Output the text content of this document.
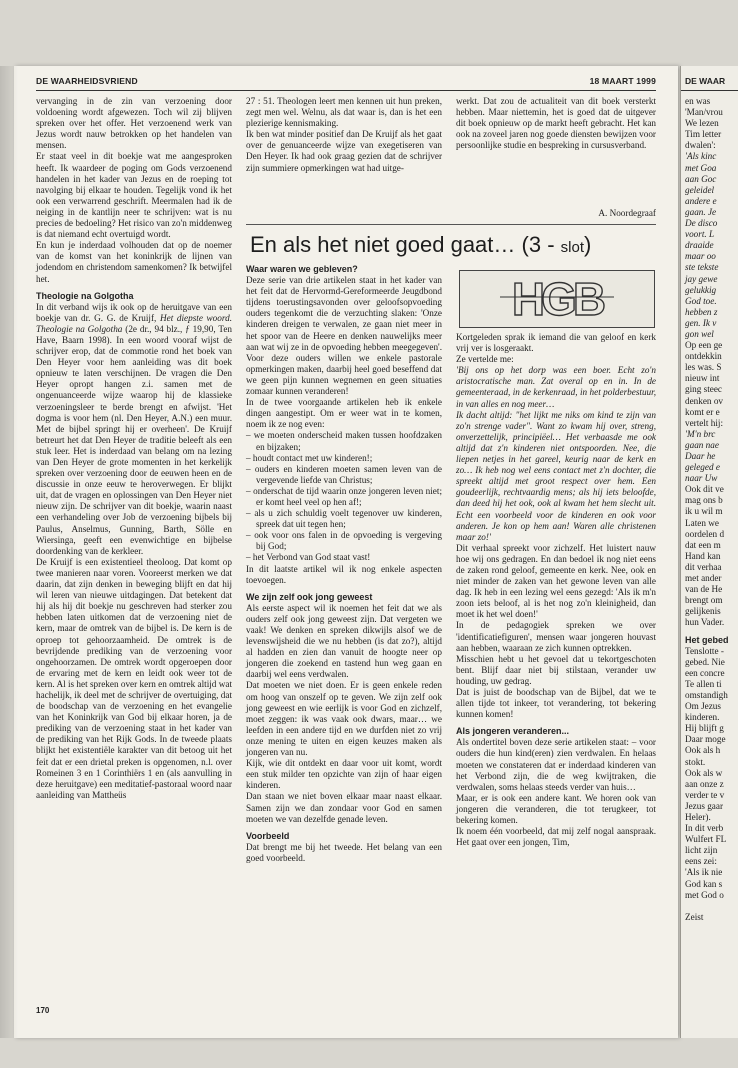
DE WAARHEIDSVRIEND	18 MAART 1999

vervanging in de zin van verzoening door voldoening wordt afgewezen. Toch wil zij blijven spreken over het offer. Het verzoenend werk van Jezus wordt nauw betrokken op het handelen van mensen.

Er staat veel in dit boekje wat me aangesproken heeft. Ik waardeer de poging om Gods verzoenend handelen in het kader van Jezus en de roeping tot navolging bij elkaar te houden. Tegelijk vond ik het ook een verwarrend geschrift. Meermalen had ik de neiging in de kantlijn neer te schrijven: wat is nu precies de bedoeling? Het risico van zo'n middenweg is dat niemand echt overtuigd wordt.

En kun je inderdaad volhouden dat op de noemer van de komst van het koninkrijk de lijnen van jodendom en christendom samenkomen? Ik betwijfel het.

Theologie na Golgotha

In dit verband wijs ik ook op de heruitgave van een boekje van dr. G. G. de Kruijf, Het diepste woord. Theologie na Golgotha (2e dr., 94 blz., ƒ 19,90, Ten Have, Baarn 1998). In een woord vooraf wijst de schrijver erop, dat de commotie rond het boek van Den Heyer voor hem aanleiding was dit boek opnieuw te laten verschijnen. De vragen die Den Heyer opropt hangen z.i. samen met de ongenuanceerde wijze waarop hij de klassieke verzoeningsleer te berde brengt en afwijst. 'Het dogma is voor hem (nl. Den Heyer, A.N.) een muur. Met de bijbel springt hij er overheen'. De Kruijf betreurt het dat Den Heyer de traditie beleeft als een stuk leer. Het is inderdaad van belang om na lezing van Den Heyer de grote momenten in het kerkelijk spreken over verzoening door de eeuwen heen en de discussie in onze eeuw te heroverwegen. Er blijkt uit, dat de vragen en oplossingen van Den Heyer niet nieuw zijn. De schrijver van dit boekje, waarin naast een verhandeling over Job de verzoening bijbels bij Paulus, Anselmus, Gunning, Barth, Sölle en Wiersinga, geeft een evenwichtige en bijbelse doordenking van de kerkleer.

De Kruijf is een existentieel theoloog. Dat komt op twee manieren naar voren. Vooreerst merken we dat daarin, dat zijn denken in beweging blijft en dat hij wil leren van nieuwe uitdagingen. Dat betekent dat hij als hij dit boekje nu geschreven had sterker zou hebben laten uitkomen dat de verzoening niet de kern, maar de omtrek van de bijbel is. De kern is de oproep tot gehoorzaamheid. De omtrek is de bevrijdende prediking van de verzoening voor ongehoorzamen. De omtrek wordt opgeroepen door de ervaring met de kern en leidt ook weer tot de kern. Al is het spreken over kern en omtrek altijd wat hachelijk, ik deel met de schrijver de overtuiging, dat de boodschap van de verzoening en het evangelie van het Koninkrijk van God bij elkaar horen, ja de prediking van de verzoening staat in het kader van de prediking van het Rijk Gods. In de tweede plaats blijkt het existentiële karakter van dit betoog uit het feit dat er een drietal preken is opgenomen, n.l. over Romeinen 3 en 1 Corinthiërs 1 en (als aanvulling in deze heruitgave) een meditatief-pastoraal woord naar aanleiding van Mattheüs

27 : 51. Theologen leert men kennen uit hun preken, zegt men wel. Welnu, als dat waar is, dan is het een plezierige kennismaking.

Ik ben wat minder positief dan De Kruijf als het gaat over de genuanceerde wijze van exegetiseren van Den Heyer. Ik had ook graag gezien dat de schrijver zijn summiere opmerkingen wat had uitge-

werkt. Dat zou de actualiteit van dit boek versterkt hebben. Maar niettemin, het is goed dat de uitgever dit boek opnieuw op de markt heeft gebracht. Het kan ook na zoveel jaren nog goede diensten bewijzen voor persoonlijke studie en bespreking in cursusverband.

A. Noordegraaf
En als het niet goed gaat… (3 - slot)
Waar waren we gebleven?

Deze serie van drie artikelen staat in het kader van het feit dat de Hervormd-Gereformeerde Jeugdbond tijdens toerustingsavonden over geloofsopvoeding ouders tegenkomt die de verzuchting slaken: 'Onze kinderen dreigen te verwalen, ze gaan niet meer in het spoor van de Heere en denken nauwelijks meer aan wat wij ze in de opvoeding hebben meegegeven'. Voor deze ouders willen we enkele pastorale opmerkingen maken, daarbij heel goed beseffend dat we geen pijn kunnen wegnemen en geen situaties zomaar kunnen veranderen!

In de twee voorgaande artikelen heb ik enkele dingen aangestipt. Om er weer wat in te komen, noem ik ze nog even:

– we moeten onderscheid maken tussen hoofdzaken en bijzaken;
– houdt contact met uw kinderen!;
– ouders en kinderen moeten samen leven van de vergevende liefde van Christus;
– onderschat de tijd waarin onze jongeren leven niet; er komt heel veel op hen af!;
– als u zich schuldig voelt tegenover uw kinderen, spreek dat uit tegen hen;
– ook voor ons falen in de opvoeding is vergeving bij God;
– het Verbond van God staat vast!

In dit laatste artikel wil ik nog enkele aspecten toevoegen.

We zijn zelf ook jong geweest

Als eerste aspect wil ik noemen het feit dat we als ouders zelf ook jong geweest zijn. Dat vergeten we vaak! We denken en spreken dikwijls alsof we de levenswijsheid die we nu hebben (is dat zo?), altijd al hadden en zien dan vanuit de hoogte neer op jongeren die zoekend en tastend hun weg gaan en daarbij wel eens verdwalen.

Dat moeten we niet doen. Er is geen enkele reden om hoog van onszelf op te geven. We zijn zelf ook jong geweest en wie eerlijk is voor God en zichzelf, moet zeggen: ik was vaak ook dwars, maar… we leefden in een andere tijd en we durfden niet zo vrij onze mening te uiten en eigen keuzes maken als jongeren van nu.

Kijk, wie dit ontdekt en daar voor uit komt, wordt een stuk milder ten opzichte van zijn of haar eigen kinderen.

Dan staan we niet boven elkaar maar naast elkaar. Samen zijn we dan zondaar voor God en samen moeten we van dezelfde genade leven.

Voorbeeld

Dat brengt me bij het tweede. Het belang van een goed voorbeeld.

HGB

Kortgeleden sprak ik iemand die van geloof en kerk vrij ver is losgeraakt.

Ze vertelde me:

'Bij ons op het dorp was een boer. Echt zo'n aristocratische man. Zat overal op en in. In de gemeenteraad, in de kerkenraad, in het polderbestuur, in van alles en nog meer…

Ik dacht altijd: "het lijkt me niks om kind te zijn van zo'n strenge vader". Want zo kwam hij over, streng, onverzettelijk, principiëel… Het verbaasde me ook altijd dat z'n kinderen niet ontspoorden. Nee, die liepen netjes in het gareel, keurig naar de kerk en zo… Ik heb nog wel eens contact met z'n dochter, die spreekt altijd met groot respect over hem. Een goudeerlijk, rechtvaardig mens; als hij iets beloofde, dan deed hij het ook, ook al kwam het hem slecht uit. Echt een voorbeeld voor de kinderen en ook voor anderen. Je kon op hem aan! Waren alle christenen maar zo!'

Dit verhaal spreekt voor zichzelf. Het luistert nauw hoe wij ons gedragen. En dan bedoel ik nog niet eens de zaken rond geloof, gemeente en kerk. Nee, ook en niet minder de zaken van het gewone leven van alle dag. Ik heb in een lezing wel eens gezegd: 'Als ik m'n zoon iets beloof, al is het nog zo'n kleinigheid, dan moet ik het wel doen!'

In de pedagogiek spreken we over 'identificatiefiguren', mensen waar jongeren houvast aan hebben, waaraan ze zich kunnen optrekken.

Misschien hebt u het gevoel dat u tekortgeschoten bent. Blijf daar niet bij stilstaan, verander uw houding, uw gedrag.

Dat is juist de boodschap van de Bijbel, dat we te allen tijde tot inkeer, tot verandering, tot bekering kunnen komen!

Als jongeren veranderen...

Als ondertitel boven deze serie artikelen staat: – voor ouders die hun kind(eren) zien verdwalen. En helaas moeten we constateren dat er inderdaad kinderen van het Verbond zijn, die de weg kwijtraken, die verdwalen, soms helaas steeds verder van huis…

Maar, er is ook een andere kant. We horen ook van jongeren die veranderen, die tot terugkeer, tot bekering komen.

Ik noem één voorbeeld, dat mij zelf nogal aanspraak. Het gaat over een jongen, Tim,

170
DE WAAR
en was
'Man/vrou
We lezen
Tim letter
dwalen':
'Als kinc
met Goa
aan Goc
geleidel
andere e
gaan. Je
De disco
voort. L
draaide
maar oo
ste tekste
jay gewe
gelukkig
God toe.
hebben z
gen. Ik v
gon wel
Op een ge
ontdekkin
les was. S
nieuw int
ging steec
denken ov
komt er e
vertelt hij:
'M'n brc
gaan nae
Daar he
geleged e
naar Uw
Ook dit ve
mag ons b
ik u wil m
Laten we
oordelen d
dat een m
Hand kan
dit verhaa
met ander
van de He
brengt om
gelijkenis
hun Vader.
Het gebed
Tenslotte -
gebed. Nie
een concre
Te allen ti
omstandigh
Om Jezus
kinderen.
Hij blijft g
Daar moge
Ook als h
stokt.
Ook als w
aan onze z
verder te v
Jezus gaar
Heler).
In dit verb
Wulfert FL
licht zijn
eens zei:
'Als ik nie
God kan s
met God o
Zeist
